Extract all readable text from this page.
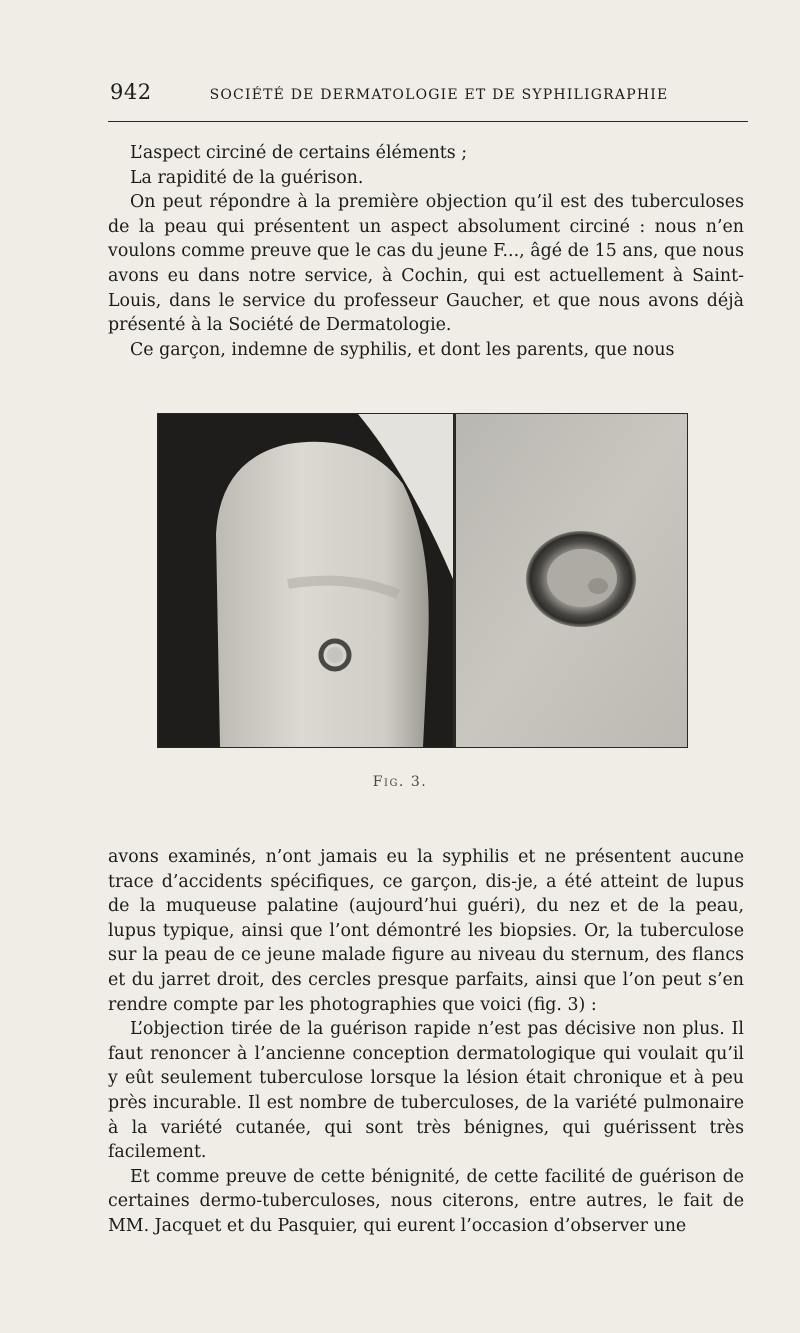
942	SOCIÉTÉ DE DERMATOLOGIE ET DE SYPHILIGRAPHIE

L’aspect circiné de certains éléments ;

La rapidité de la guérison.

On peut répondre à la première objection qu’il est des tuberculoses de la peau qui présentent un aspect absolument circiné : nous n’en voulons comme preuve que le cas du jeune F..., âgé de 15 ans, que nous avons eu dans notre service, à Cochin, qui est actuellement à Saint-Louis, dans le service du professeur Gaucher, et que nous avons déjà présenté à la Société de Dermatologie.

Ce garçon, indemne de syphilis, et dont les parents, que nous

Fig. 3.

avons examinés, n’ont jamais eu la syphilis et ne présentent aucune trace d’accidents spécifiques, ce garçon, dis-je, a été atteint de lupus de la muqueuse palatine (aujourd’hui guéri), du nez et de la peau, lupus typique, ainsi que l’ont démontré les biopsies. Or, la tuberculose sur la peau de ce jeune malade figure au niveau du sternum, des flancs et du jarret droit, des cercles presque parfaits, ainsi que l’on peut s’en rendre compte par les photographies que voici (fig. 3) :

L’objection tirée de la guérison rapide n’est pas décisive non plus. Il faut renoncer à l’ancienne conception dermatologique qui voulait qu’il y eût seulement tuberculose lorsque la lésion était chronique et à peu près incurable. Il est nombre de tuberculoses, de la variété pulmonaire à la variété cutanée, qui sont très bénignes, qui guérissent très facilement.

Et comme preuve de cette bénignité, de cette facilité de guérison de certaines dermo-tuberculoses, nous citerons, entre autres, le fait de MM. Jacquet et du Pasquier, qui eurent l’occasion d’observer une
